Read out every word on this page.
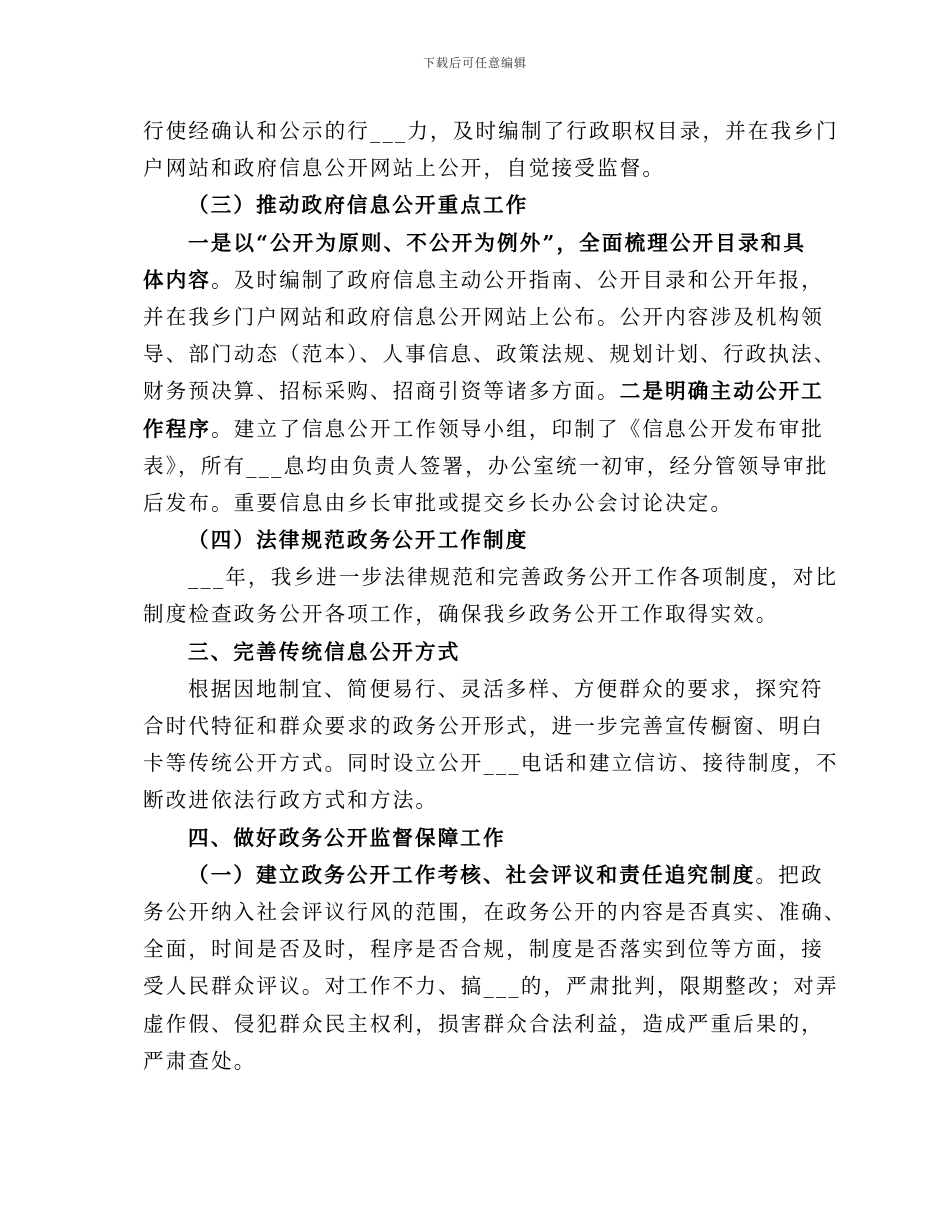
下载后可任意编辑
行使经确认和公示的行___力，及时编制了行政职权目录，并在我乡门
户网站和政府信息公开网站上公开，自觉接受监督。
（三）推动政府信息公开重点工作
一是以“公开为原则、不公开为例外”，全面梳理公开目录和具
体内容。及时编制了政府信息主动公开指南、公开目录和公开年报，
并在我乡门户网站和政府信息公开网站上公布。公开内容涉及机构领
导、部门动态（范本）、人事信息、政策法规、规划计划、行政执法、
财务预决算、招标采购、招商引资等诸多方面。二是明确主动公开工
作程序。建立了信息公开工作领导小组，印制了《信息公开发布审批
表》，所有___息均由负责人签署，办公室统一初审，经分管领导审批
后发布。重要信息由乡长审批或提交乡长办公会讨论决定。
（四）法律规范政务公开工作制度
___年，我乡进一步法律规范和完善政务公开工作各项制度，对比
制度检查政务公开各项工作，确保我乡政务公开工作取得实效。
三、完善传统信息公开方式
根据因地制宜、简便易行、灵活多样、方便群众的要求，探究符
合时代特征和群众要求的政务公开形式，进一步完善宣传橱窗、明白
卡等传统公开方式。同时设立公开___电话和建立信访、接待制度，不
断改进依法行政方式和方法。
四、做好政务公开监督保障工作
（一）建立政务公开工作考核、社会评议和责任追究制度。把政
务公开纳入社会评议行风的范围，在政务公开的内容是否真实、准确、
全面，时间是否及时，程序是否合规，制度是否落实到位等方面，接
受人民群众评议。对工作不力、搞___的，严肃批判，限期整改；对弄
虚作假、侵犯群众民主权利，损害群众合法利益，造成严重后果的，
严肃查处。
